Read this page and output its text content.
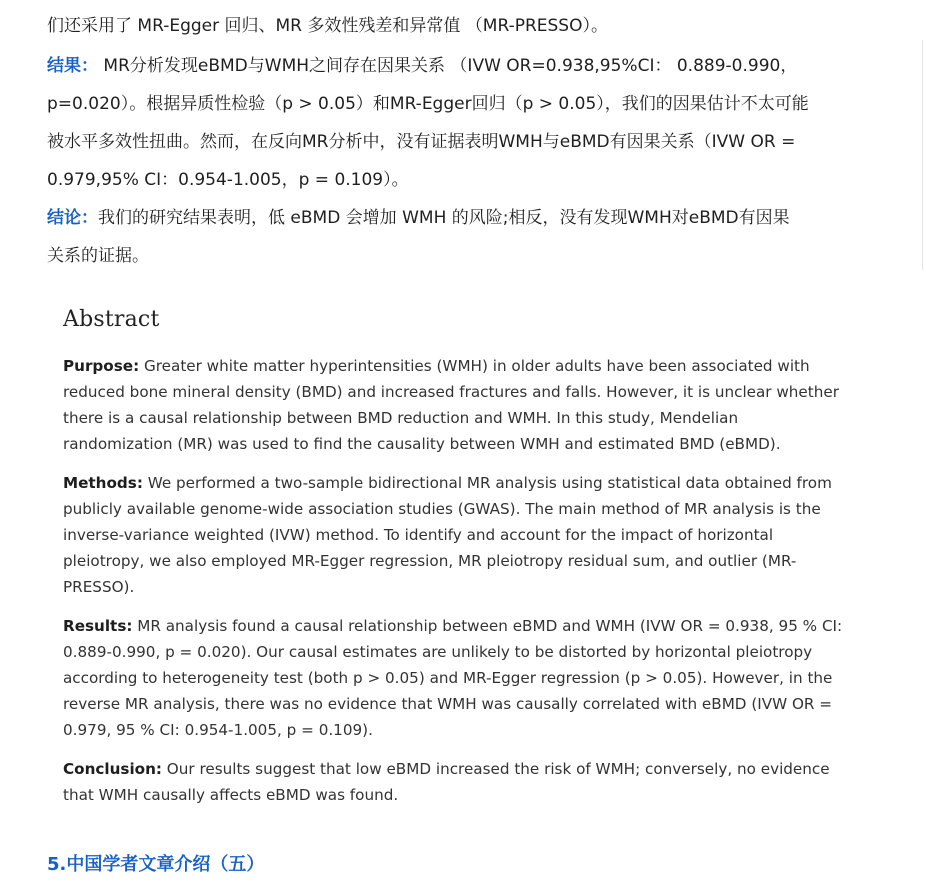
们还采用了 MR-Egger 回归、MR 多效性残差和异常值 （MR-PRESSO）。
结果： MR分析发现eBMD与WMH之间存在因果关系 （IVW OR=0.938,95%CI： 0.889-0.990，
p=0.020）。根据异质性检验（p > 0.05）和MR-Egger回归（p > 0.05），我们的因果估计不太可能
被水平多效性扭曲。然而，在反向MR分析中，没有证据表明WMH与eBMD有因果关系（IVW OR =
0.979,95% CI：0.954-1.005，p = 0.109）。
结论：我们的研究结果表明，低 eBMD 会增加 WMH 的风险;相反，没有发现WMH对eBMD有因果
关系的证据。
Abstract
Purpose: Greater white matter hyperintensities (WMH) in older adults have been associated with
reduced bone mineral density (BMD) and increased fractures and falls. However, it is unclear whether
there is a causal relationship between BMD reduction and WMH. In this study, Mendelian
randomization (MR) was used to find the causality between WMH and estimated BMD (eBMD).
Methods: We performed a two-sample bidirectional MR analysis using statistical data obtained from
publicly available genome-wide association studies (GWAS). The main method of MR analysis is the
inverse-variance weighted (IVW) method. To identify and account for the impact of horizontal
pleiotropy, we also employed MR-Egger regression, MR pleiotropy residual sum, and outlier (MR-
PRESSO).
Results: MR analysis found a causal relationship between eBMD and WMH (IVW OR = 0.938, 95 % CI:
0.889-0.990, p = 0.020). Our causal estimates are unlikely to be distorted by horizontal pleiotropy
according to heterogeneity test (both p > 0.05) and MR-Egger regression (p > 0.05). However, in the
reverse MR analysis, there was no evidence that WMH was causally correlated with eBMD (IVW OR =
0.979, 95 % CI: 0.954-1.005, p = 0.109).
Conclusion: Our results suggest that low eBMD increased the risk of WMH; conversely, no evidence
that WMH causally affects eBMD was found.
5.中国学者文章介绍（五）
